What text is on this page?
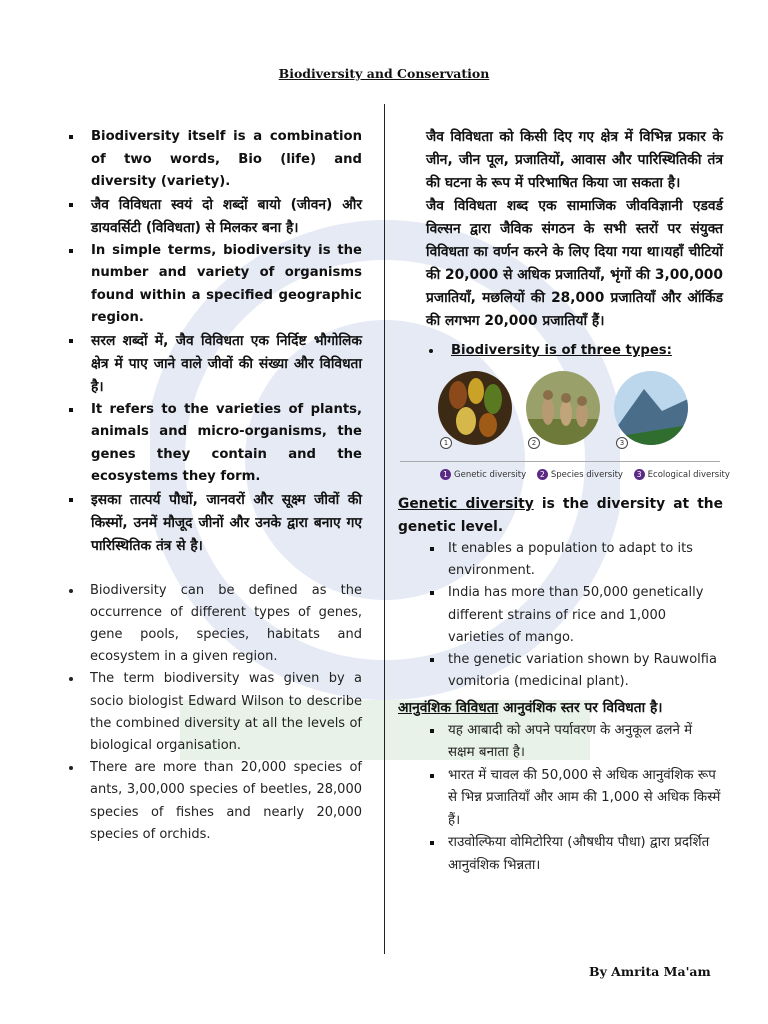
Biodiversity and Conservation
Biodiversity itself is a combination of two words, Bio (life) and diversity (variety).
जैव विविधता स्वयं दो शब्दों बायो (जीवन) और डायवर्सिटी (विविधता) से मिलकर बना है।
In simple terms, biodiversity is the number and variety of organisms found within a specified geographic region.
सरल शब्दों में, जैव विविधता एक निर्दिष्ट भौगोलिक क्षेत्र में पाए जाने वाले जीवों की संख्या और विविधता है।
It refers to the varieties of plants, animals and micro-organisms, the genes they contain and the ecosystems they form.
इसका तात्पर्य पौधों, जानवरों और सूक्ष्म जीवों की किस्मों, उनमें मौजूद जीनों और उनके द्वारा बनाए गए पारिस्थितिक तंत्र से है।
Biodiversity can be defined as the occurrence of different types of genes, gene pools, species, habitats and ecosystem in a given region.
The term biodiversity was given by a socio biologist Edward Wilson to describe the combined diversity at all the levels of biological organisation.
There are more than 20,000 species of ants, 3,00,000 species of beetles, 28,000 species of fishes and nearly 20,000 species of orchids.
जैव विविधता को किसी दिए गए क्षेत्र में विभिन्न प्रकार के जीन, जीन पूल, प्रजातियों, आवास और पारिस्थितिकी तंत्र की घटना के रूप में परिभाषित किया जा सकता है।
जैव विविधता शब्द एक सामाजिक जीवविज्ञानी एडवर्ड विल्सन द्वारा जैविक संगठन के सभी स्तरों पर संयुक्त विविधता का वर्णन करने के लिए दिया गया था।यहाँ चीटियों की 20,000 से अधिक प्रजातियाँ, भृंगों की 3,00,000 प्रजातियाँ, मछलियों की 28,000 प्रजातियाँ और ऑर्किड की लगभग 20,000 प्रजातियाँ हैं।
Biodiversity is of three types:
1	2	3
1 Genetic diversity 2 Species diversity 3 Ecological diversity
Genetic diversity is the diversity at the genetic level.
It enables a population to adapt to its environment.
India has more than 50,000 genetically different strains of rice and 1,000 varieties of mango.
the genetic variation shown by Rauwolfia vomitoria (medicinal plant).
आनुवंशिक विविधता आनुवंशिक स्तर पर विविधता है।
यह आबादी को अपने पर्यावरण के अनुकूल ढलने में सक्षम बनाता है।
भारत में चावल की 50,000 से अधिक आनुवंशिक रूप से भिन्न प्रजातियाँ और आम की 1,000 से अधिक किस्में हैं।
राउवोल्फिया वोमिटोरिया (औषधीय पौधा) द्वारा प्रदर्शित आनुवंशिक भिन्नता।
By Amrita Ma'am
